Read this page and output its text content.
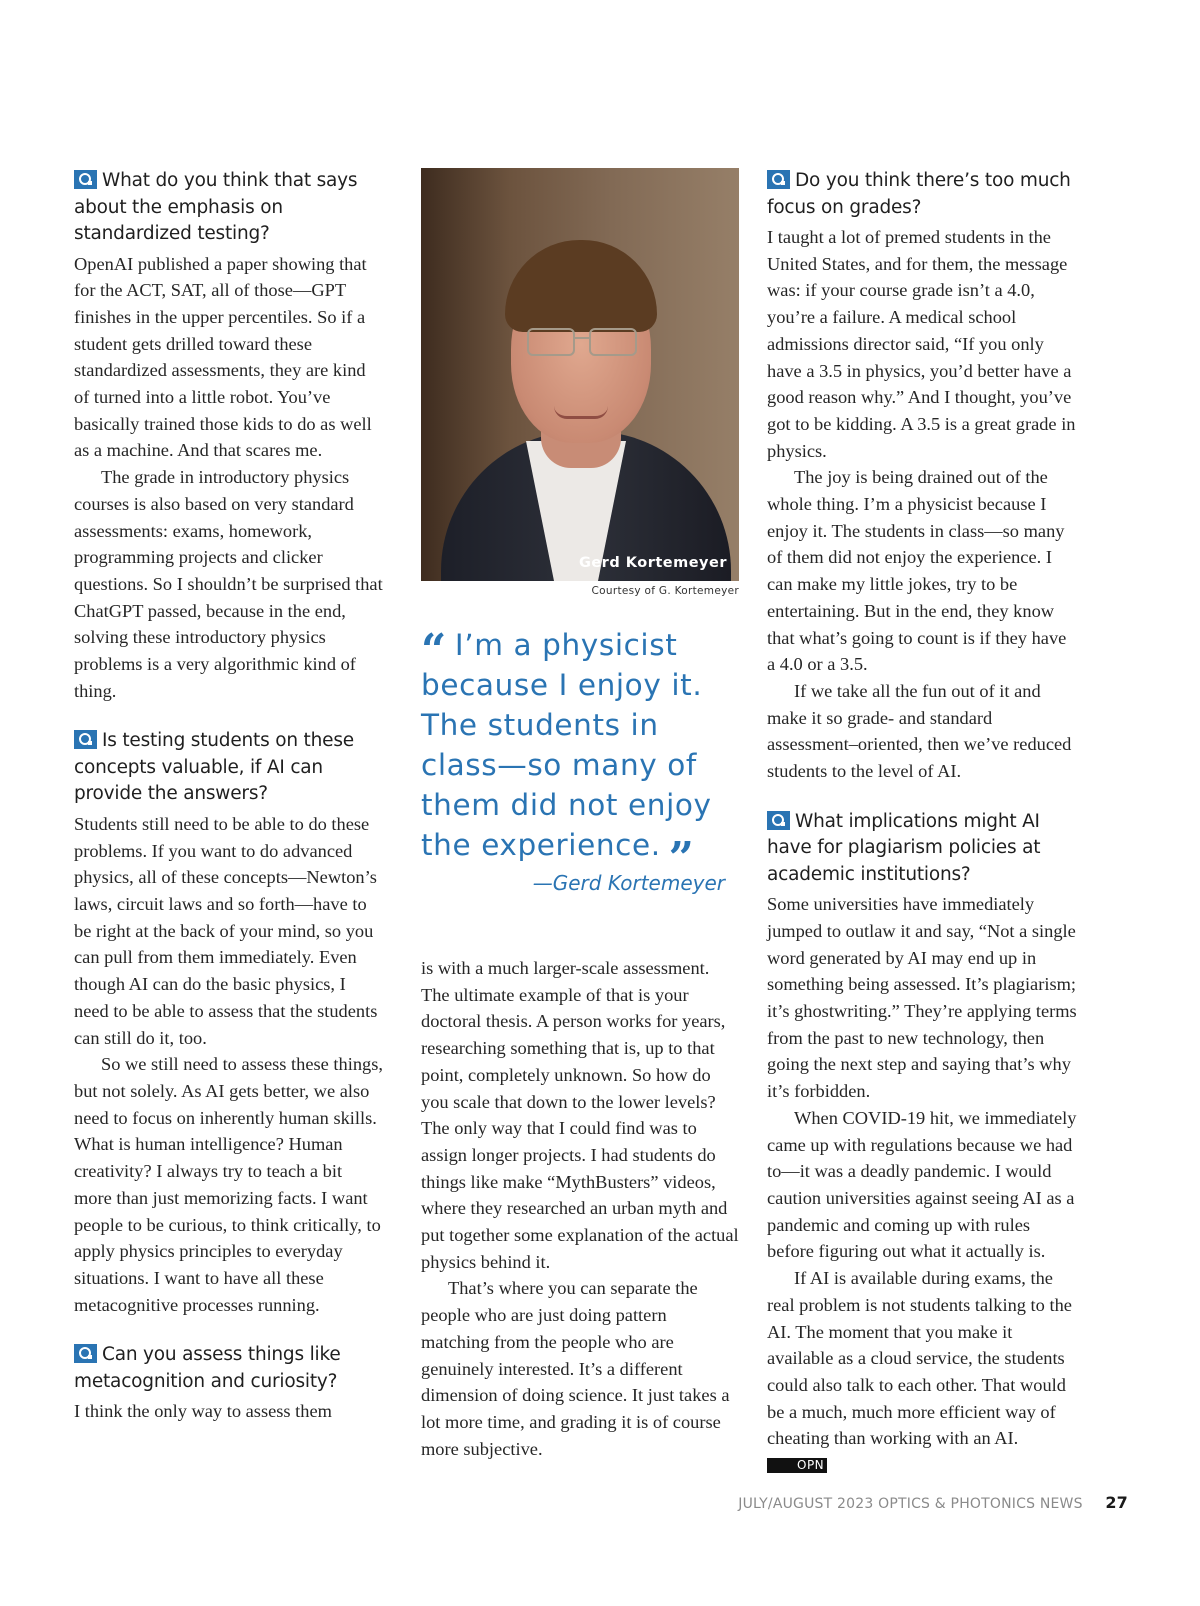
What do you think that says about the emphasis on standardized testing?

OpenAI published a paper showing that for the ACT, SAT, all of those—GPT finishes in the upper percentiles. So if a student gets drilled toward these standardized assessments, they are kind of turned into a little robot. You’ve basically trained those kids to do as well as a machine. And that scares me.

The grade in introductory physics courses is also based on very standard assessments: exams, homework, programming projects and clicker questions. So I shouldn’t be surprised that ChatGPT passed, because in the end, solving these introductory physics problems is a very algorithmic kind of thing.

Is testing students on these concepts valuable, if AI can provide the answers?

Students still need to be able to do these problems. If you want to do advanced physics, all of these concepts—Newton’s laws, circuit laws and so forth—have to be right at the back of your mind, so you can pull from them immediately. Even though AI can do the basic physics, I need to be able to assess that the students can still do it, too.

So we still need to assess these things, but not solely. As AI gets better, we also need to focus on inherently human skills. What is human intelligence? Human creativity? I always try to teach a bit more than just memorizing facts. I want people to be curious, to think critically, to apply physics principles to everyday situations. I want to have all these metacognitive processes running.

Can you assess things like metacognition and curiosity?

I think the only way to assess them

Gerd Kortemeyer
Courtesy of G. Kortemeyer
“ I’m a physicist because I enjoy it. The students in class—so many of them did not enjoy the experience. ”
—Gerd Kortemeyer

is with a much larger-scale assessment. The ultimate example of that is your doctoral thesis. A person works for years, researching something that is, up to that point, completely unknown. So how do you scale that down to the lower levels? The only way that I could find was to assign longer projects. I had students do things like make “MythBusters” videos, where they researched an urban myth and put together some explanation of the actual physics behind it.

That’s where you can separate the people who are just doing pattern matching from the people who are genuinely interested. It’s a different dimension of doing science. It just takes a lot more time, and grading it is of course more subjective.

Do you think there’s too much focus on grades?

I taught a lot of premed students in the United States, and for them, the message was: if your course grade isn’t a 4.0, you’re a failure. A medical school admissions director said, “If you only have a 3.5 in physics, you’d better have a good reason why.” And I thought, you’ve got to be kidding. A 3.5 is a great grade in physics.

The joy is being drained out of the whole thing. I’m a physicist because I enjoy it. The students in class—so many of them did not enjoy the experience. I can make my little jokes, try to be entertaining. But in the end, they know that what’s going to count is if they have a 4.0 or a 3.5.

If we take all the fun out of it and make it so grade- and standard assessment–oriented, then we’ve reduced students to the level of AI.

What implications might AI have for plagiarism policies at academic institutions?

Some universities have immediately jumped to outlaw it and say, “Not a single word generated by AI may end up in something being assessed. It’s plagiarism; it’s ghostwriting.” They’re applying terms from the past to new technology, then going the next step and saying that’s why it’s forbidden.

When COVID-19 hit, we immediately came up with regulations because we had to—it was a deadly pandemic. I would caution universities against seeing AI as a pandemic and coming up with rules before figuring out what it actually is.

If AI is available during exams, the real problem is not students talking to the AI. The moment that you make it available as a cloud service, the students could also talk to each other. That would be a much, much more efficient way of cheating than working with an AI. OPN

JULY/AUGUST 2023 OPTICS & PHOTONICS NEWS 27
